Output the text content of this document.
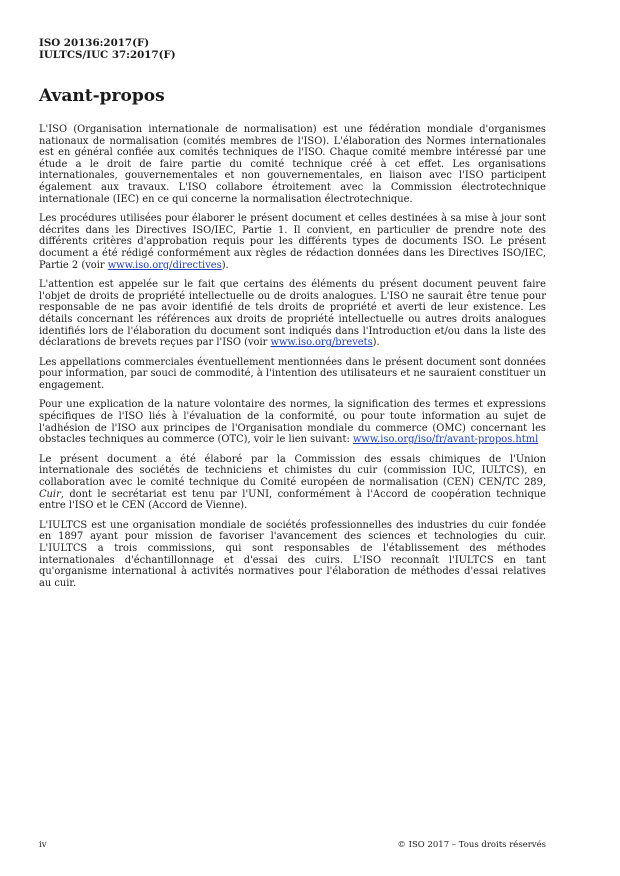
ISO 20136:2017(F)
IULTCS/IUC 37:2017(F)
Avant-propos

L'ISO (Organisation internationale de normalisation) est une fédération mondiale d'organismes nationaux de normalisation (comités membres de l'ISO). L'élaboration des Normes internationales est en général confiée aux comités techniques de l'ISO. Chaque comité membre intéressé par une étude a le droit de faire partie du comité technique créé à cet effet. Les organisations internationales, gouvernementales et non gouvernementales, en liaison avec l'ISO participent également aux travaux. L'ISO collabore étroitement avec la Commission électrotechnique internationale (IEC) en ce qui concerne la normalisation électrotechnique.

Les procédures utilisées pour élaborer le présent document et celles destinées à sa mise à jour sont décrites dans les Directives ISO/IEC, Partie 1. Il convient, en particulier de prendre note des différents critères d'approbation requis pour les différents types de documents ISO. Le présent document a été rédigé conformément aux règles de rédaction données dans les Directives ISO/IEC, Partie 2 (voir www.iso.org/directives).

L'attention est appelée sur le fait que certains des éléments du présent document peuvent faire l'objet de droits de propriété intellectuelle ou de droits analogues. L'ISO ne saurait être tenue pour responsable de ne pas avoir identifié de tels droits de propriété et averti de leur existence. Les détails concernant les références aux droits de propriété intellectuelle ou autres droits analogues identifiés lors de l'élaboration du document sont indiqués dans l'Introduction et/ou dans la liste des déclarations de brevets reçues par l'ISO (voir www.iso.org/brevets).

Les appellations commerciales éventuellement mentionnées dans le présent document sont données pour information, par souci de commodité, à l'intention des utilisateurs et ne sauraient constituer un engagement.

Pour une explication de la nature volontaire des normes, la signification des termes et expressions spécifiques de l'ISO liés à l'évaluation de la conformité, ou pour toute information au sujet de l'adhésion de l'ISO aux principes de l'Organisation mondiale du commerce (OMC) concernant les obstacles techniques au commerce (OTC), voir le lien suivant: www.iso.org/iso/fr/avant-propos.html

Le présent document a été élaboré par la Commission des essais chimiques de l'Union internationale des sociétés de techniciens et chimistes du cuir (commission IUC, IULTCS), en collaboration avec le comité technique du Comité européen de normalisation (CEN) CEN/TC 289, Cuir, dont le secrétariat est tenu par l'UNI, conformément à l'Accord de coopération technique entre l'ISO et le CEN (Accord de Vienne).

L'IULTCS est une organisation mondiale de sociétés professionnelles des industries du cuir fondée en 1897 ayant pour mission de favoriser l'avancement des sciences et technologies du cuir. L'IULTCS a trois commissions, qui sont responsables de l'établissement des méthodes internationales d'échantillonnage et d'essai des cuirs. L'ISO reconnaît l'IULTCS en tant qu'organisme international à activités normatives pour l'élaboration de méthodes d'essai relatives au cuir.

iv	© ISO 2017 – Tous droits réservés
